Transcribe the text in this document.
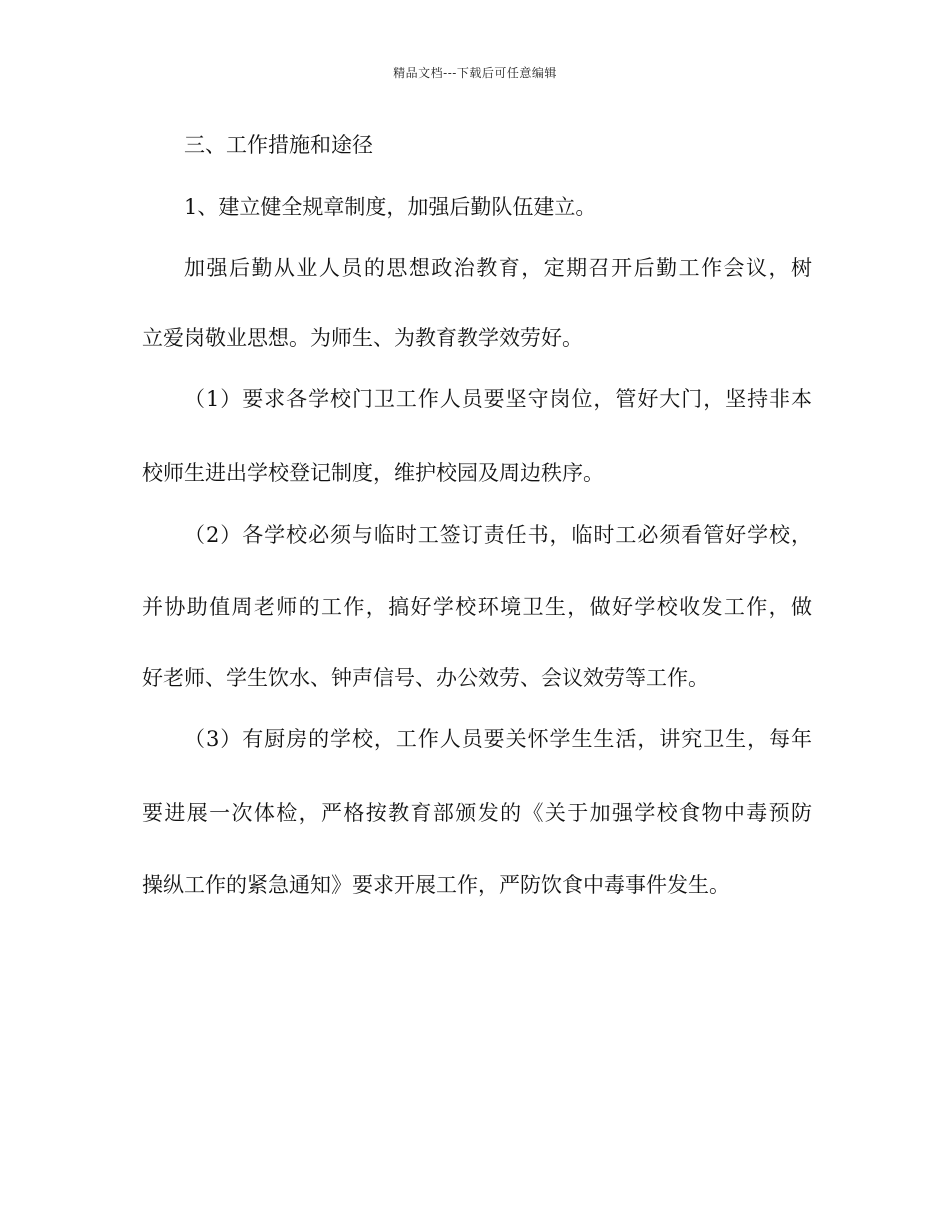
精品文档---下载后可任意编辑
三、工作措施和途径
1、建立健全规章制度，加强后勤队伍建立。
加强后勤从业人员的思想政治教育，定期召开后勤工作会议，树
立爱岗敬业思想。为师生、为教育教学效劳好。
（1）要求各学校门卫工作人员要坚守岗位，管好大门，坚持非本
校师生进出学校登记制度，维护校园及周边秩序。
（2）各学校必须与临时工签订责任书，临时工必须看管好学校，
并协助值周老师的工作，搞好学校环境卫生，做好学校收发工作，做
好老师、学生饮水、钟声信号、办公效劳、会议效劳等工作。
（3）有厨房的学校，工作人员要关怀学生生活，讲究卫生，每年
要进展一次体检，严格按教育部颁发的《关于加强学校食物中毒预防
操纵工作的紧急通知》要求开展工作，严防饮食中毒事件发生。
